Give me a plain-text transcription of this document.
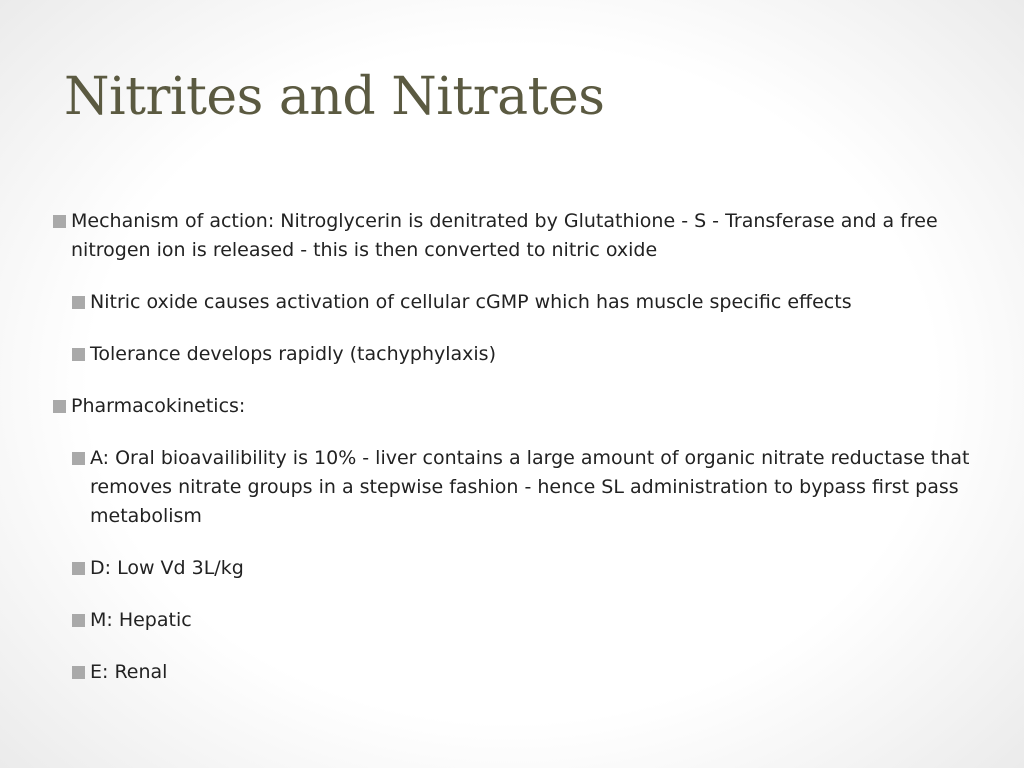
Nitrites and Nitrates
Mechanism of action: Nitroglycerin is denitrated by Glutathione - S - Transferase and a free nitrogen ion is released - this is then converted to nitric oxide
Nitric oxide causes activation of cellular cGMP which has muscle specific effects
Tolerance develops rapidly (tachyphylaxis)
Pharmacokinetics:
A: Oral bioavailibility is 10% - liver contains a large amount of organic nitrate reductase that removes nitrate groups in a stepwise fashion - hence SL administration to bypass first pass metabolism
D: Low Vd 3L/kg
M: Hepatic
E: Renal
